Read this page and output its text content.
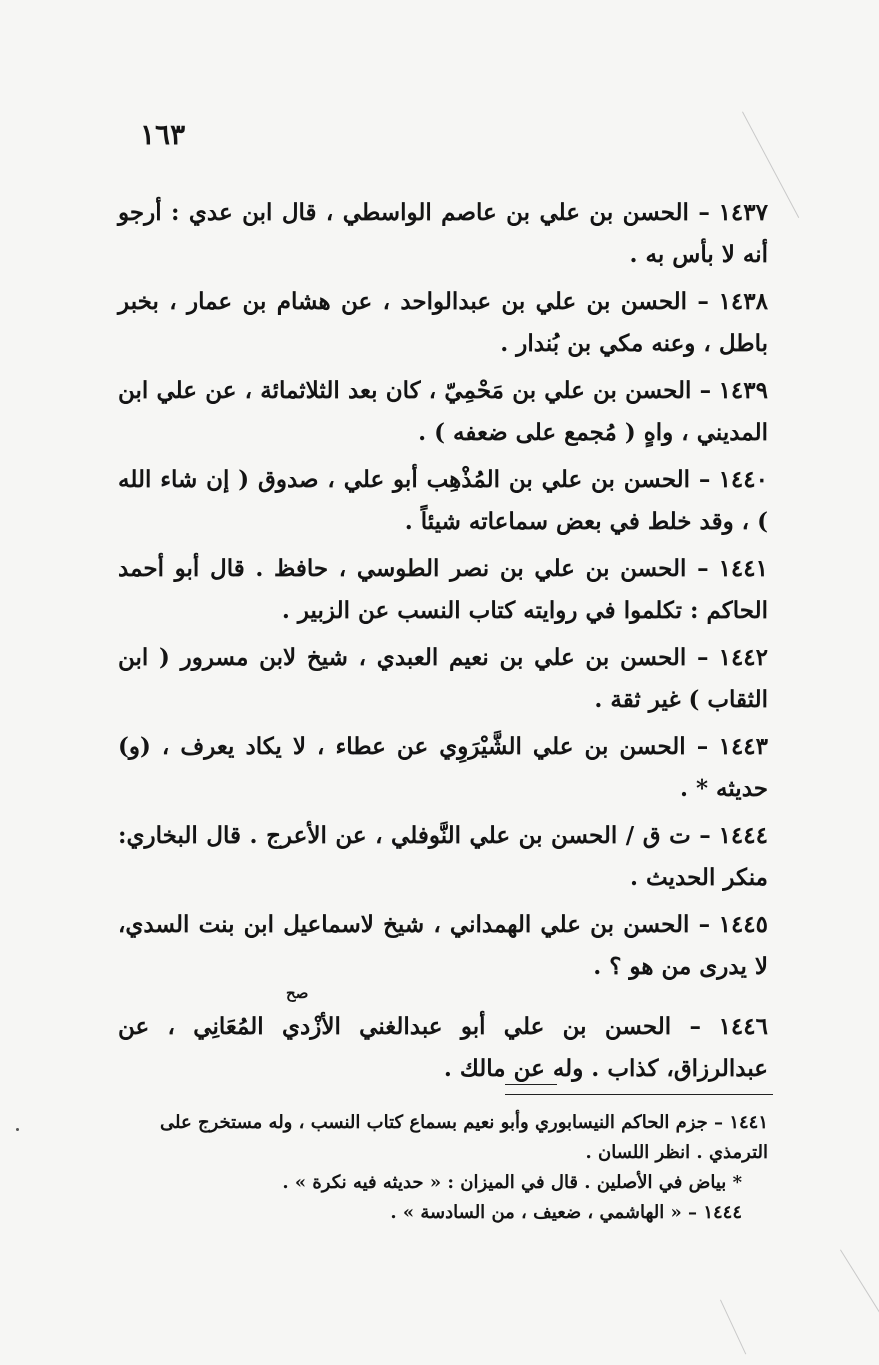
١٦٣

١٤٣٧ – الحسن بن علي بن عاصم الواسطي ، قال ابن عدي : أرجو أنه لا بأس به .

١٤٣٨ – الحسن بن علي بن عبدالواحد ، عن هشام بن عمار ، بخبر باطل ، وعنه مكي بن بُندار .

١٤٣٩ – الحسن بن علي بن مَحْمِيّ ، كان بعد الثلاثمائة ، عن علي ابن المديني ، واهٍ ( مُجمع على ضعفه ) .

١٤٤٠ – الحسن بن علي بن المُذْهِب أبو علي ، صدوق ( إن شاء الله ) ، وقد خلط في بعض سماعاته شيئاً .

١٤٤١ – الحسن بن علي بن نصر الطوسي ، حافظ . قال أبو أحمد الحاكم : تكلموا في روايته كتاب النسب عن الزبير .

١٤٤٢ – الحسن بن علي بن نعيم العبدي ، شيخ لابن مسرور ( ابن الثقاب ) غير ثقة .

١٤٤٣ – الحسن بن علي الشَّيْرَوِي عن عطاء ، لا يكاد يعرف ، (و) حديثه * .

١٤٤٤ – ت ق / الحسن بن علي النَّوفلي ، عن الأعرج . قال البخاري: منكر الحديث .

١٤٤٥ – الحسن بن علي الهمداني ، شيخ لاسماعيل ابن بنت السدي، لا يدرى من هو ؟ .

١٤٤٦ – الحسن بن علي أبو عبدالغني الأزْدي المُعَانِي ، عن عبدالرزاق، كذاب . وله عن مالك .

صح

١٤٤١ – جزم الحاكم النيسابوري وأبو نعيم بسماع كتاب النسب ، وله مستخرج على الترمذي . انظر اللسان .

* بياض في الأصلين . قال في الميزان : « حديثه فيه نكرة » .

١٤٤٤ – « الهاشمي ، ضعيف ، من السادسة » .
